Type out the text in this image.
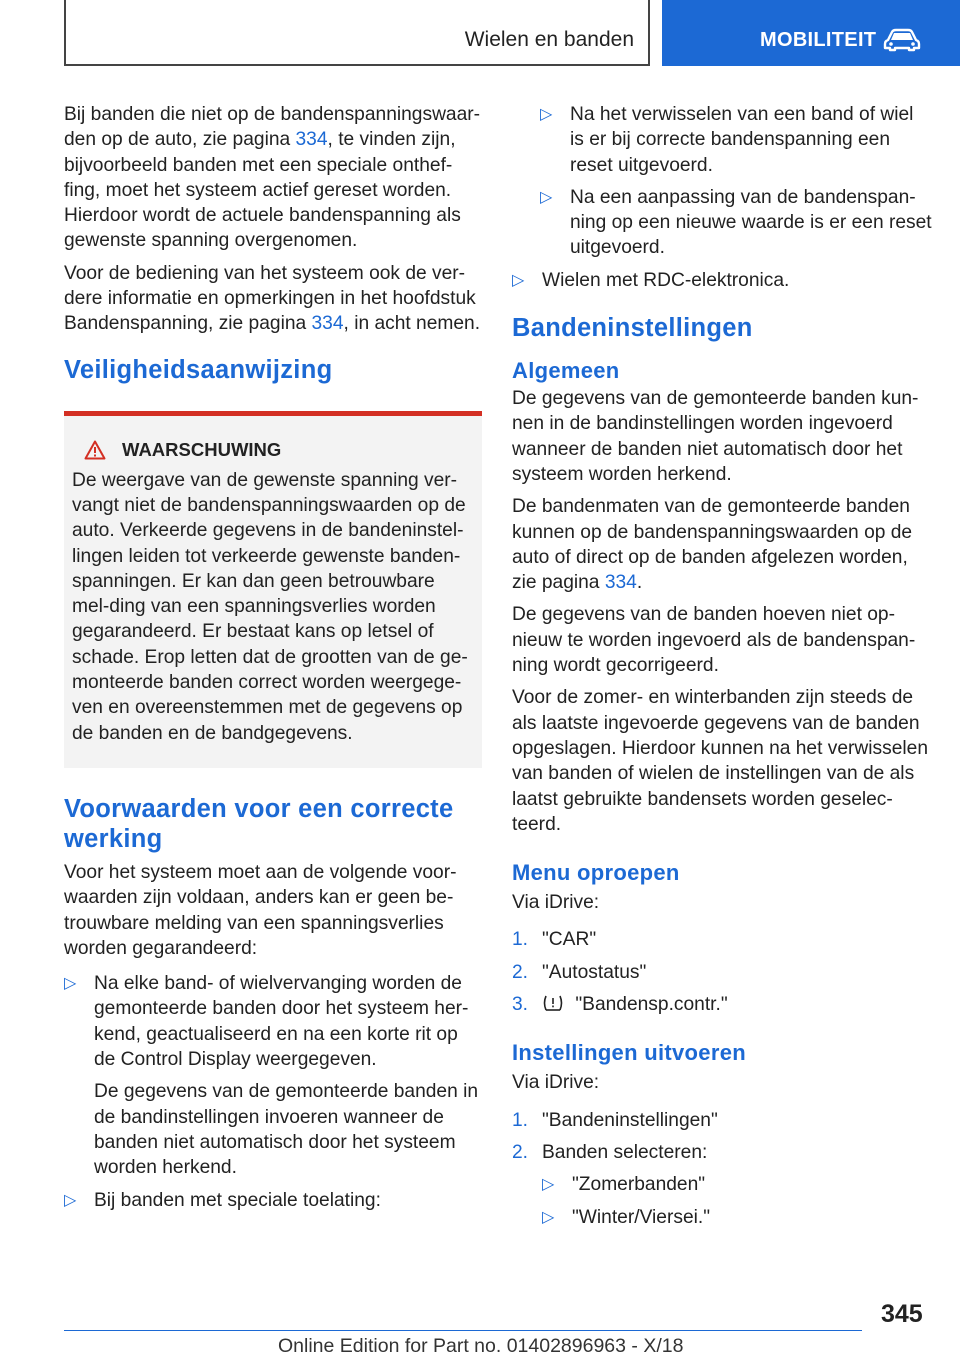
Wielen en banden	MOBILITEIT

Bij banden die niet op de bandenspanningswaar-den op de auto, zie pagina 334, te vinden zijn, bijvoorbeeld banden met een speciale onthef-fing, moet het systeem actief gereset worden. Hierdoor wordt de actuele bandenspanning als gewenste spanning overgenomen.

Voor de bediening van het systeem ook de ver-dere informatie en opmerkingen in het hoofdstuk Bandenspanning, zie pagina 334, in acht nemen.

Veiligheidsaanwijzing
WAARSCHUWING

De weergave van de gewenste spanning ver-vangt niet de bandenspanningswaarden op de auto. Verkeerde gegevens in de bandeninstel-lingen leiden tot verkeerde gewenste banden-spanningen. Er kan dan geen betrouwbare mel-ding van een spanningsverlies worden gegarandeerd. Er bestaat kans op letsel of schade. Erop letten dat de grootten van de ge-monteerde banden correct worden weergege-ven en overeenstemmen met de gegevens op de banden en de bandgegevens.

Voorwaarden voor een correcte werking

Voor het systeem moet aan de volgende voor-waarden zijn voldaan, anders kan er geen be-trouwbare melding van een spanningsverlies worden gegarandeerd:

▷ Na elke band- of wielvervanging worden de gemonteerde banden door het systeem her-kend, geactualiseerd en na een korte rit op de Control Display weergegeven.

De gegevens van de gemonteerde banden in de bandinstellingen invoeren wanneer de banden niet automatisch door het systeem worden herkend.

▷ Bij banden met speciale toelating:

▷ Na het verwisselen van een band of wiel is er bij correcte bandenspanning een reset uitgevoerd.

▷ Na een aanpassing van de bandenspan-ning op een nieuwe waarde is er een reset uitgevoerd.

▷ Wielen met RDC-elektronica.

Bandeninstellingen
Algemeen

De gegevens van de gemonteerde banden kun-nen in de bandinstellingen worden ingevoerd wanneer de banden niet automatisch door het systeem worden herkend.

De bandenmaten van de gemonteerde banden kunnen op de bandenspanningswaarden op de auto of direct op de banden afgelezen worden, zie pagina 334.

De gegevens van de banden hoeven niet op-nieuw te worden ingevoerd als de bandenspan-ning wordt gecorrigeerd.

Voor de zomer- en winterbanden zijn steeds de als laatste ingevoerde gegevens van de banden opgeslagen. Hierdoor kunnen na het verwisselen van banden of wielen de instellingen van de als laatst gebruikte bandensets worden geselec-teerd.

Menu oproepen

Via iDrive:

1. "CAR"
2. "Autostatus"
3. "Bandensp.contr."
Instellingen uitvoeren

Via iDrive:

1. "Bandeninstellingen"
2. Banden selecteren:
▷ "Zomerbanden"
▷ "Winter/Viersei."
345
Online Edition for Part no. 01402896963 - X/18
